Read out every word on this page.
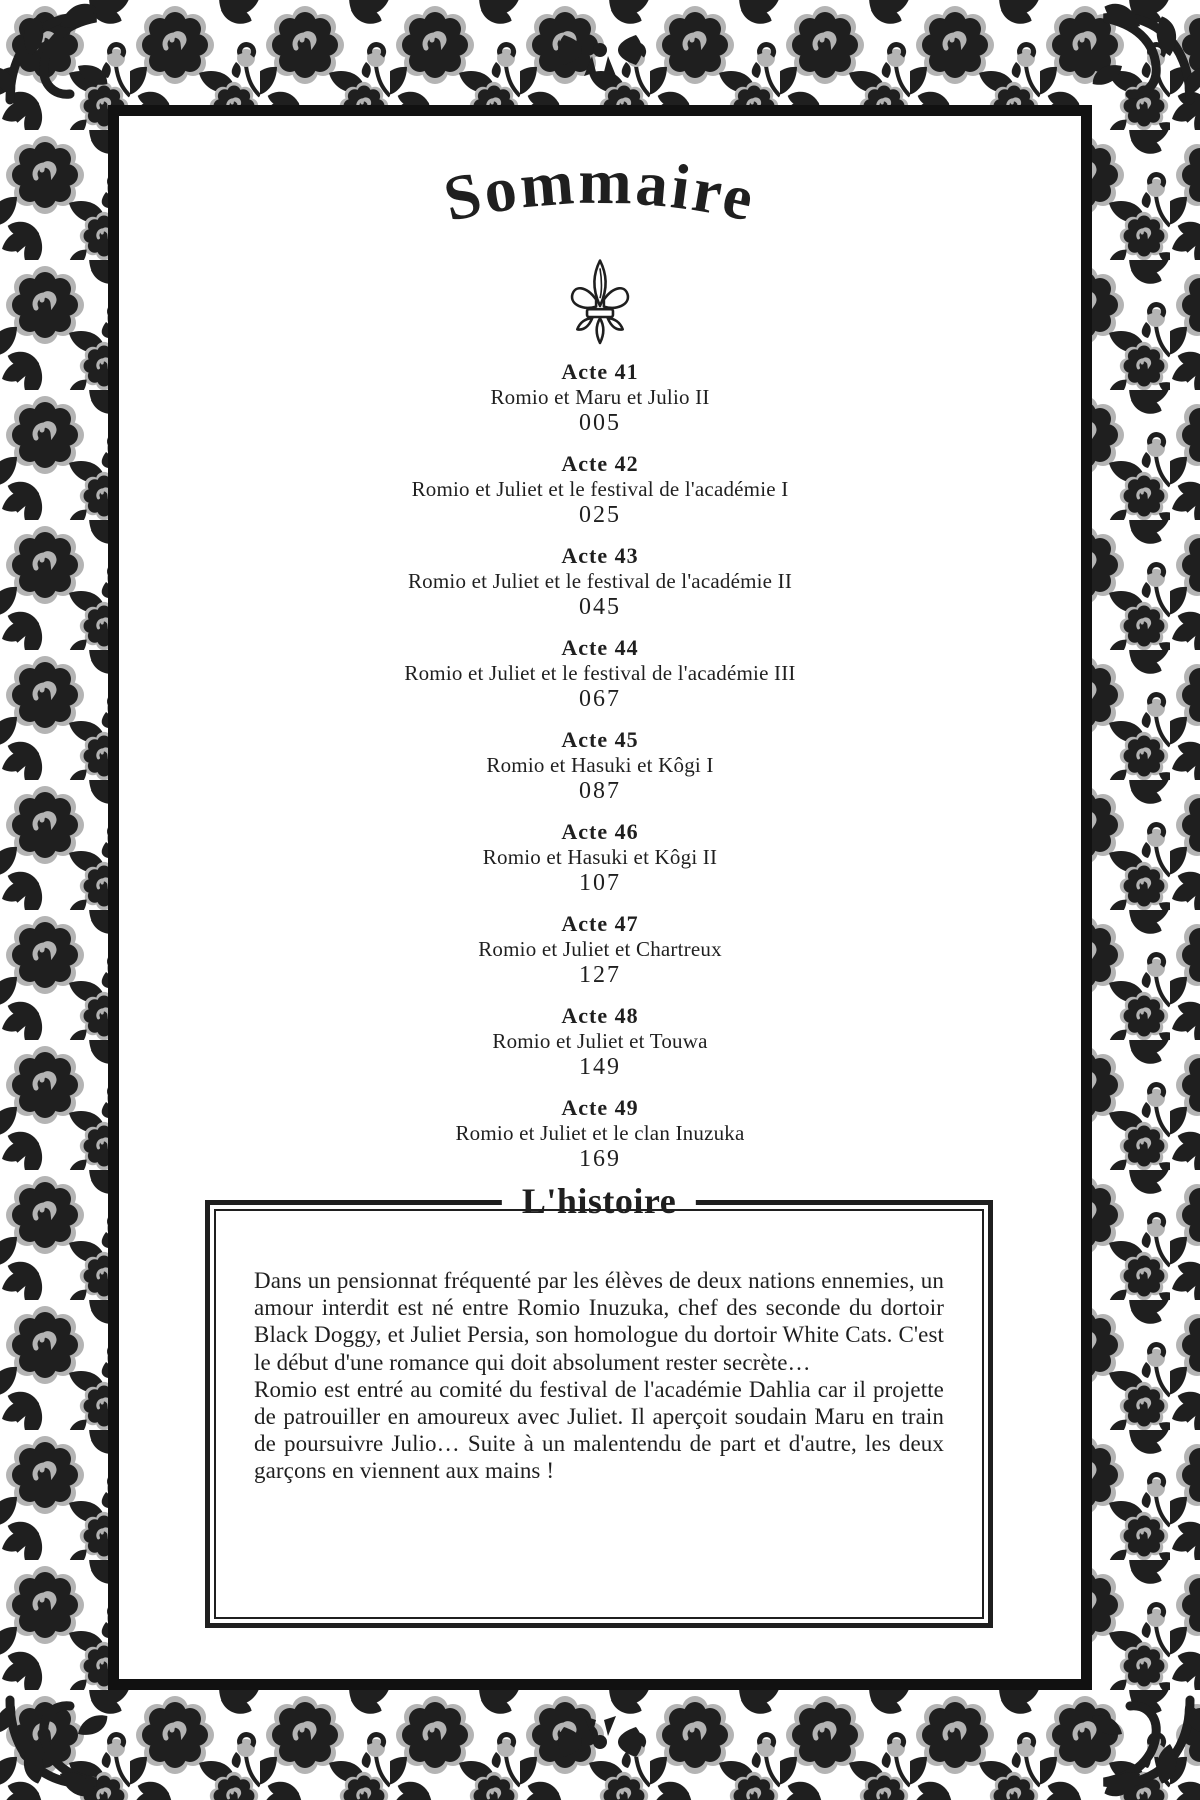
Sommaire
Acte 41
Romio et Maru et Julio II
005
Acte 42
Romio et Juliet et le festival de l'académie I
025
Acte 43
Romio et Juliet et le festival de l'académie II
045
Acte 44
Romio et Juliet et le festival de l'académie III
067
Acte 45
Romio et Hasuki et Kôgi I
087
Acte 46
Romio et Hasuki et Kôgi II
107
Acte 47
Romio et Juliet et Chartreux
127
Acte 48
Romio et Juliet et Touwa
149
Acte 49
Romio et Juliet et le clan Inuzuka
169
L'histoire

Dans un pensionnat fréquenté par les élèves de deux nations ennemies, un amour interdit est né entre Romio Inuzuka, chef des seconde du dortoir Black Doggy, et Juliet Persia, son homologue du dortoir White Cats. C'est le début d'une romance qui doit absolument rester secrète…

Romio est entré au comité du festival de l'académie Dahlia car il projette de patrouiller en amoureux avec Juliet. Il aperçoit soudain Maru en train de poursuivre Julio… Suite à un malentendu de part et d'autre, les deux garçons en viennent aux mains !
